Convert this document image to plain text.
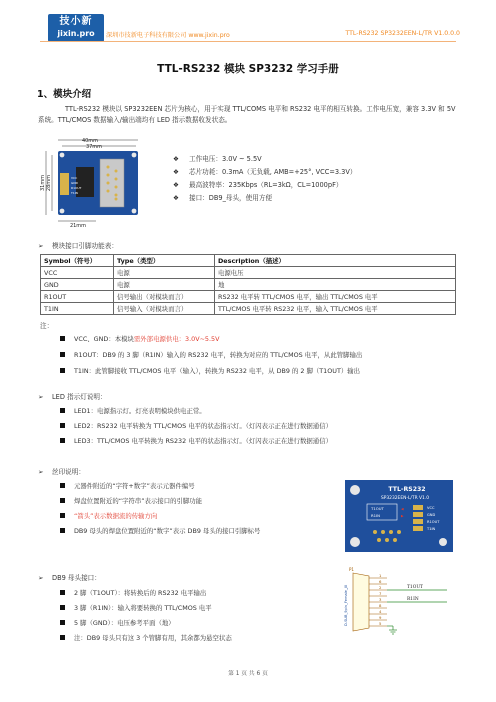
技小新
jixin.pro	深圳市技新电子科技有限公司 www.jixin.pro	TTL-RS232 SP3232EEN-L/TR V1.0.0.0
TTL-RS232 模块 SP3232 学习手册
1、模块介绍
TTL-RS232 模块以 SP3232EEN 芯片为核心，用于实现 TTL/COMS 电平和 RS232 电平的相互转换。工作电压宽，兼容 3.3V 和 5V 系统。TTL/CMOS 数据输入/输出端均有 LED 指示数据收发状态。
40mm
37mm
31mm 28mm	VCC
GND
R1OUT
T1IN
21mm
❖ 工作电压：3.0V ~ 5.5V
❖ 芯片功耗：0.3mA（无负载, AMB=+25°, VCC=3.3V）
❖ 最高波特率：235Kbps（RL=3kΩ，CL=1000pF）
❖ 接口：DB9_母头，使用方便
➢ 模块接口引脚功能表：
Symbol（符号）	Type（类型）	Description（描述）
VCC	电源	电源电压
GND	电源	地
R1OUT	信号输出（对模块而言）	RS232 电平转 TTL/CMOS 电平，输出 TTL/CMOS 电平
T1IN	信号输入（对模块而言）	TTL/CMOS 电平转 RS232 电平，输入 TTL/CMOS 电平
注：
VCC、GND：本模块需外部电源供电：3.0V~5.5V
R1OUT：DB9 的 3 脚（R1IN）输入的 RS232 电平，转换为对应的 TTL/CMOS 电平，从此管脚输出
T1IN：此管脚接收 TTL/CMOS 电平（输入），转换为 RS232 电平，从 DB9 的 2 脚（T1OUT）输出
➢ LED 指示灯说明：
LED1：电源指示灯。灯亮表明模块供电正常。
LED2：RS232 电平转换为 TTL/CMOS 电平的状态指示灯。（灯闪表示正在进行数据通信）
LED3：TTL/CMOS 电平转换为 RS232 电平的状态指示灯。（灯闪表示正在进行数据通信）
➢ 丝印说明：
元器件附近的“字符+数字”表示元器件编号
焊盘位置附近的“字符串”表示接口的引脚功能
“箭头”表示数据流的传输方向
DB9 母头的焊盘位置附近的“数字”表示 DB9 母头的接口引脚标号
TTL-RS232
SP3232EEN-L/TR V1.0
T1OUT
R1IN
◀
▶
VCC
GND
R1OUT
T1IN
➢ DB9 母头接口：
2 脚（T1OUT）：将转换后的 RS232 电平输出
3 脚（R1IN）：输入将要转换的 TTL/CMOS 电平
5 脚（GND）：电压参考平面（地）
注：DB9 母头只有这 3 个管脚有用，其余都为悬空状态
P1
D-SUB_9pin_Female_JX
1
6
2
7
3
8
4
9
5
T1OUT
R1IN
第 1 页 共 6 页
